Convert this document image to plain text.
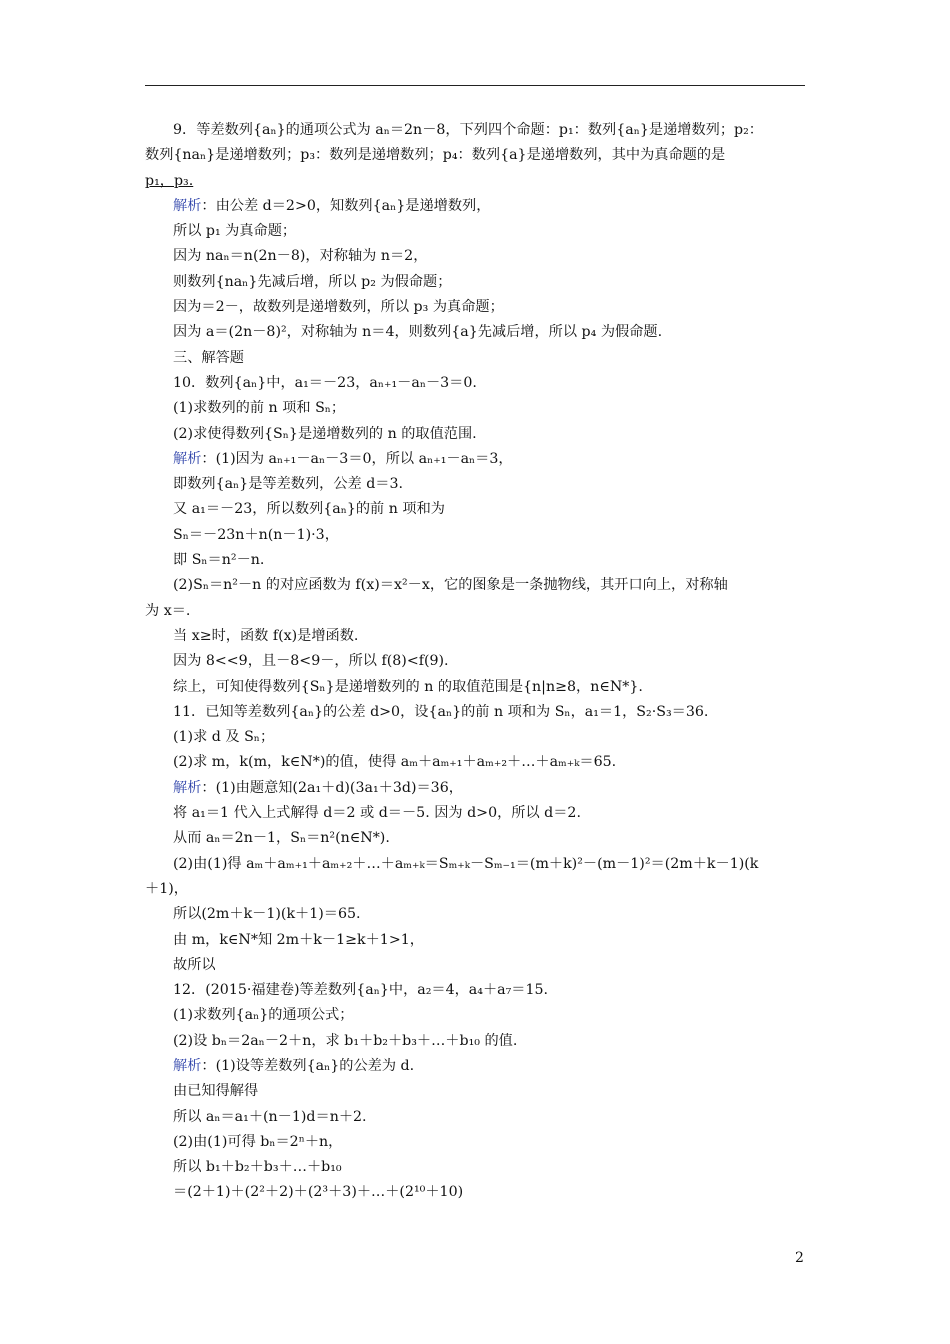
9．等差数列{aₙ}的通项公式为 aₙ＝2n－8，下列四个命题：p₁：数列{aₙ}是递增数列；p₂：
数列{naₙ}是递增数列；p₃：数列是递增数列；p₄：数列{a}是递增数列，其中为真命题的是
p₁，p₃.
解析：由公差 d＝2>0，知数列{aₙ}是递增数列，
所以 p₁ 为真命题；
因为 naₙ＝n(2n－8)，对称轴为 n＝2，
则数列{naₙ}先减后增，所以 p₂ 为假命题；
因为＝2－，故数列是递增数列，所以 p₃ 为真命题；
因为 a＝(2n－8)²，对称轴为 n＝4，则数列{a}先减后增，所以 p₄ 为假命题.
三、解答题
10．数列{aₙ}中，a₁＝－23，aₙ₊₁－aₙ－3＝0.
(1)求数列的前 n 项和 Sₙ；
(2)求使得数列{Sₙ}是递增数列的 n 的取值范围.
解析：(1)因为 aₙ₊₁－aₙ－3＝0，所以 aₙ₊₁－aₙ＝3，
即数列{aₙ}是等差数列，公差 d＝3.
又 a₁＝－23，所以数列{aₙ}的前 n 项和为
Sₙ＝－23n＋n(n－1)·3，
即 Sₙ＝n²－n.
(2)Sₙ＝n²－n 的对应函数为 f(x)＝x²－x，它的图象是一条抛物线，其开口向上，对称轴
为 x＝.
当 x≥时，函数 f(x)是增函数.
因为 8<<9，且－8<9－，所以 f(8)<f(9).
综上，可知使得数列{Sₙ}是递增数列的 n 的取值范围是{n|n≥8，n∈N*}.
11．已知等差数列{aₙ}的公差 d>0，设{aₙ}的前 n 项和为 Sₙ，a₁＝1，S₂·S₃＝36.
(1)求 d 及 Sₙ；
(2)求 m，k(m，k∈N*)的值，使得 aₘ＋aₘ₊₁＋aₘ₊₂＋…＋aₘ₊ₖ＝65.
解析：(1)由题意知(2a₁＋d)(3a₁＋3d)＝36，
将 a₁＝1 代入上式解得 d＝2 或 d＝－5. 因为 d>0，所以 d＝2.
从而 aₙ＝2n－1，Sₙ＝n²(n∈N*).
(2)由(1)得 aₘ＋aₘ₊₁＋aₘ₊₂＋…＋aₘ₊ₖ＝Sₘ₊ₖ－Sₘ₋₁＝(m＋k)²－(m－1)²＝(2m＋k－1)(k
＋1)，
所以(2m＋k－1)(k＋1)＝65.
由 m，k∈N*知 2m＋k－1≥k＋1>1，
故所以
12．(2015·福建卷)等差数列{aₙ}中，a₂＝4，a₄＋a₇＝15.
(1)求数列{aₙ}的通项公式；
(2)设 bₙ＝2aₙ－2＋n，求 b₁＋b₂＋b₃＋…＋b₁₀ 的值.
解析：(1)设等差数列{aₙ}的公差为 d.
由已知得解得
所以 aₙ＝a₁＋(n－1)d＝n＋2.
(2)由(1)可得 bₙ＝2ⁿ＋n，
所以 b₁＋b₂＋b₃＋…＋b₁₀
＝(2＋1)＋(2²＋2)＋(2³＋3)＋…＋(2¹⁰＋10)
2
